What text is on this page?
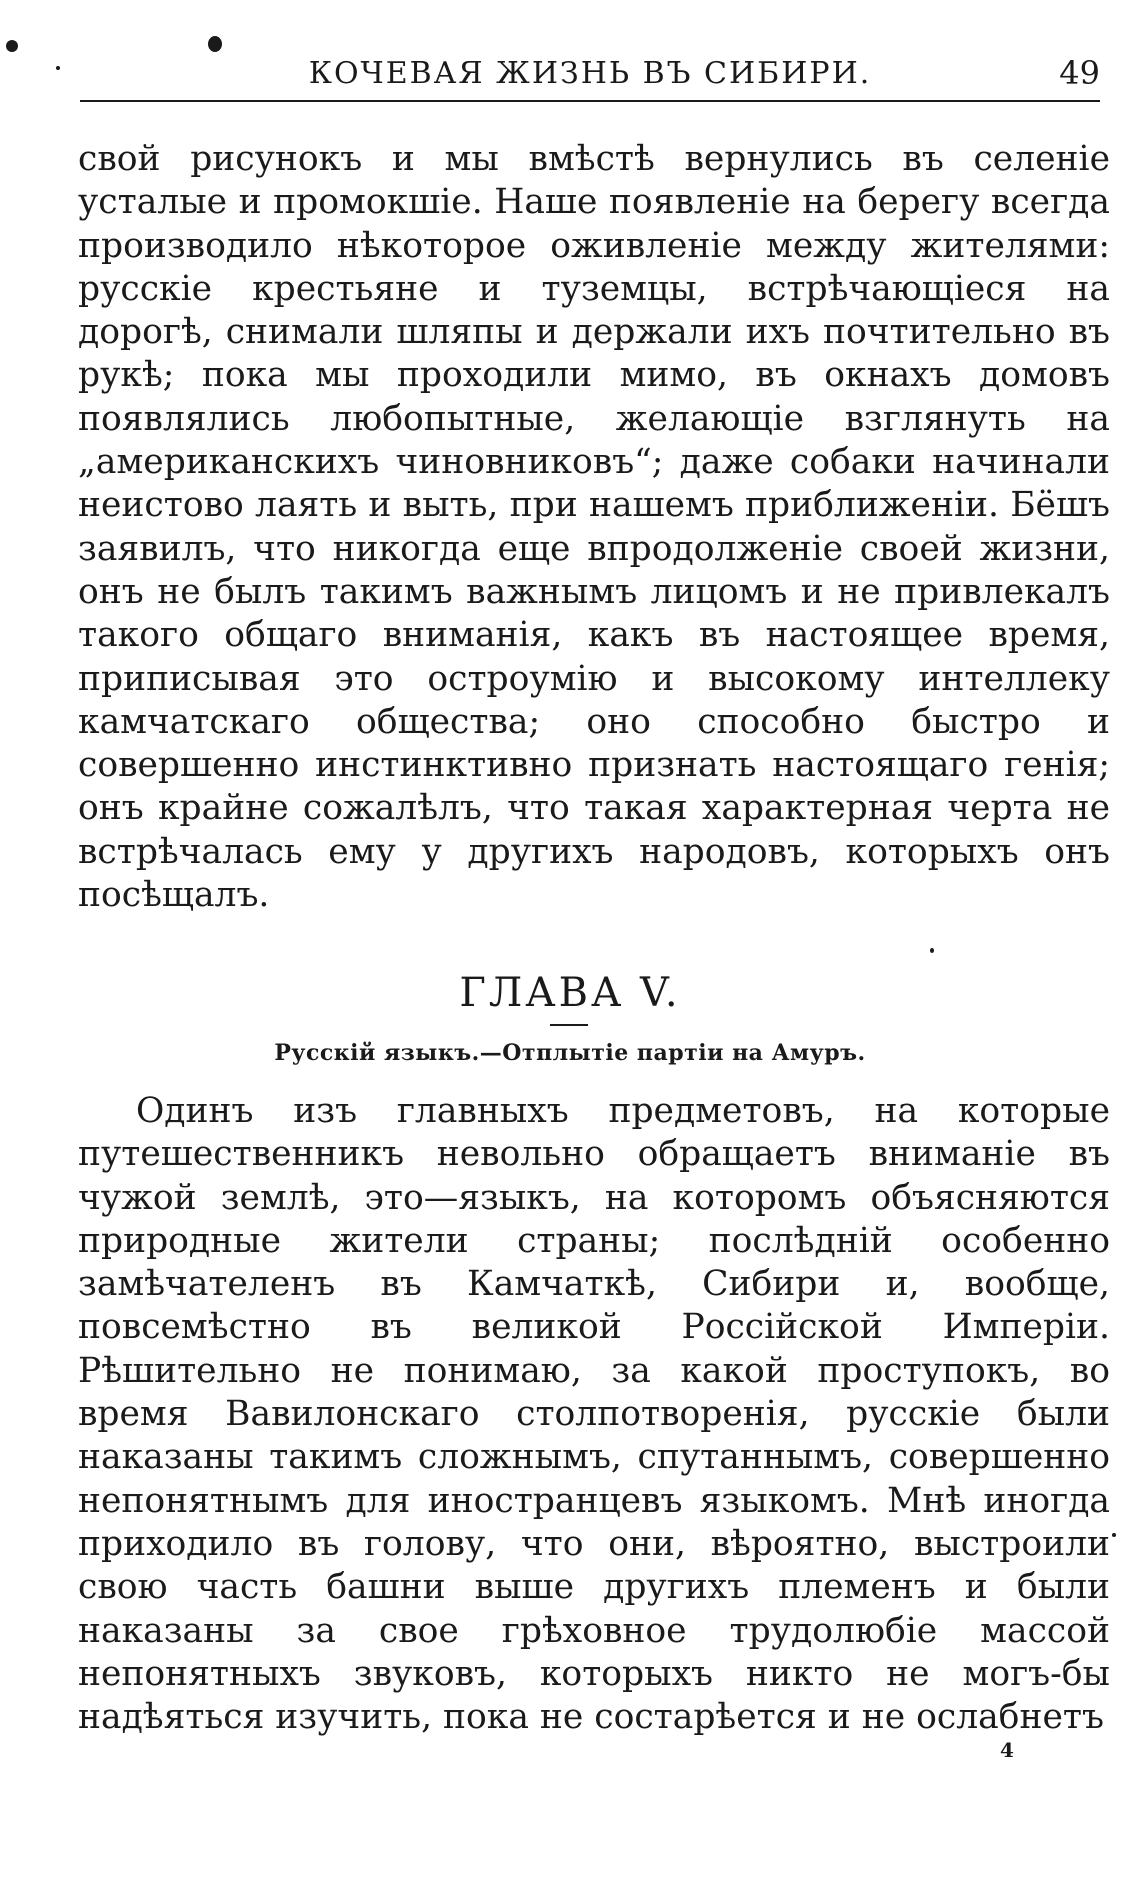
КОЧЕВАЯ ЖИЗНЬ ВЪ СИБИРИ.	49

свой рисунокъ и мы вмѣстѣ вернулись въ селеніе усталые и промокшіе. Наше появленіе на берегу всегда производило нѣкоторое оживленіе между жителями: русскіе крестьяне и туземцы, встрѣчающіеся на дорогѣ, снимали шляпы и держали ихъ почтительно въ рукѣ; пока мы проходили мимо, въ окнахъ домовъ появлялись любопытные, желающіе взглянуть на „американскихъ чиновниковъ“; даже собаки начинали неистово лаять и выть, при нашемъ приближеніи. Бёшъ заявилъ, что никогда еще впродолженіе своей жизни, онъ не былъ такимъ важнымъ лицомъ и не привлекалъ такого общаго вниманія, какъ въ настоящее время, приписывая это остроумію и высокому интеллеку камчатскаго общества; оно способно быстро и совершенно инстинктивно признать настоящаго генія; онъ крайне сожалѣлъ, что такая характерная черта не встрѣчалась ему у другихъ народовъ, которыхъ онъ посѣщалъ.

ГЛАВА V.
Русскій языкъ.—Отплытіе партіи на Амуръ.

Одинъ изъ главныхъ предметовъ, на которые путешественникъ невольно обращаетъ вниманіе въ чужой землѣ, это—языкъ, на которомъ объясняются природные жители страны; послѣдній особенно замѣчателенъ въ Камчаткѣ, Сибири и, вообще, повсемѣстно въ великой Россійской Имперіи. Рѣшительно не понимаю, за какой проступокъ, во время Вавилонскаго столпотворенія, русскіе были наказаны такимъ сложнымъ, спутаннымъ, совершенно непонятнымъ для иностранцевъ языкомъ. Мнѣ иногда приходило въ голову, что они, вѣроятно, выстроили свою часть башни выше другихъ племенъ и были наказаны за свое грѣховное трудолюбіе массой непонятныхъ звуковъ, которыхъ никто не могъ-бы надѣяться изучить, пока не состарѣется и не ослабнетъ

4
